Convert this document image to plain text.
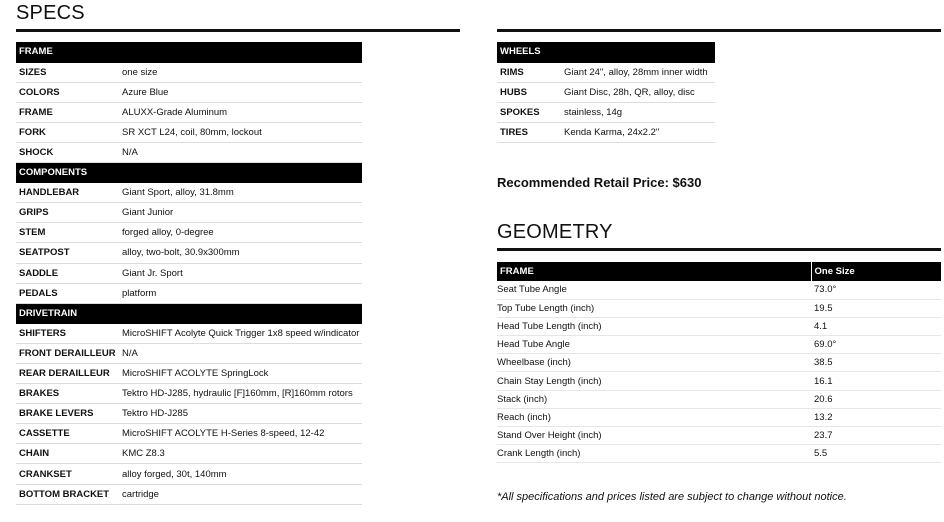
SPECS
FRAME	
SIZES	one size
COLORS	Azure Blue
FRAME	ALUXX-Grade Aluminum
FORK	SR XCT L24, coil, 80mm, lockout
SHOCK	N/A
COMPONENTS	
HANDLEBAR	Giant Sport, alloy, 31.8mm
GRIPS	Giant Junior
STEM	forged alloy, 0-degree
SEATPOST	alloy, two-bolt, 30.9x300mm
SADDLE	Giant Jr. Sport
PEDALS	platform
DRIVETRAIN	
SHIFTERS	MicroSHIFT Acolyte Quick Trigger 1x8 speed w/indicator
FRONT DERAILLEUR	N/A
REAR DERAILLEUR	MicroSHIFT ACOLYTE SpringLock
BRAKES	Tektro HD-J285, hydraulic [F]160mm, [R]160mm rotors
BRAKE LEVERS	Tektro HD-J285
CASSETTE	MicroSHIFT ACOLYTE H-Series 8-speed, 12-42
CHAIN	KMC Z8.3
CRANKSET	alloy forged, 30t, 140mm
BOTTOM BRACKET	cartridge
WHEELS	
RIMS	Giant 24", alloy, 28mm inner width
HUBS	Giant Disc, 28h, QR, alloy, disc
SPOKES	stainless, 14g
TIRES	Kenda Karma, 24x2.2"
Recommended Retail Price: $630
GEOMETRY
FRAME	One Size
Seat Tube Angle	73.0°
Top Tube Length (inch)	19.5
Head Tube Length (inch)	4.1
Head Tube Angle	69.0°
Wheelbase (inch)	38.5
Chain Stay Length (inch)	16.1
Stack (inch)	20.6
Reach (inch)	13.2
Stand Over Height (inch)	23.7
Crank Length (inch)	5.5
*All specifications and prices listed are subject to change without notice.
